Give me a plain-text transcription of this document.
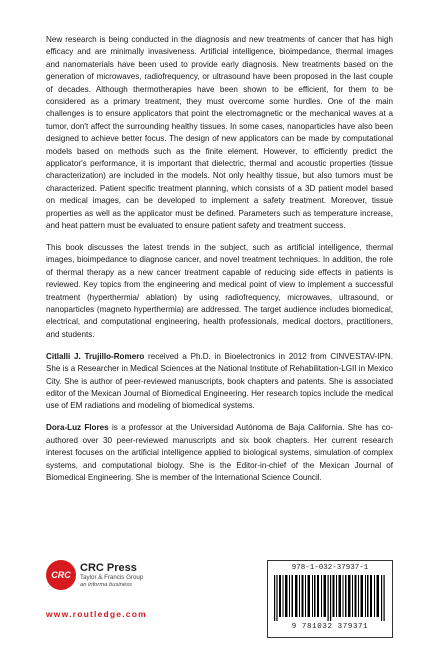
New research is being conducted in the diagnosis and new treatments of cancer that has high efficacy and are minimally invasiveness. Artificial intelligence, bioimpedance, thermal images and nanomaterials have been used to provide early diagnosis. New treatments based on the generation of microwaves, radiofrequency, or ultrasound have been proposed in the last couple of decades. Although thermotherapies have been shown to be efficient, for them to be considered as a primary treatment, they must overcome some hurdles. One of the main challenges is to ensure applicators that point the electromagnetic or the mechanical waves at a tumor, don't affect the surrounding healthy tissues. In some cases, nanoparticles have also been designed to achieve better focus. The design of new applicators can be made by computational models based on methods such as the finite element. However, to efficiently predict the applicator's performance, it is important that dielectric, thermal and acoustic properties (tissue characterization) are included in the models. Not only healthy tissue, but also tumors must be characterized. Patient specific treatment planning, which consists of a 3D patient model based on medical images, can be developed to implement a safety treatment. Moreover, tissue properties as well as the applicator must be defined. Parameters such as temperature increase, and heat pattern must be evaluated to ensure patient safety and treatment success.

This book discusses the latest trends in the subject, such as artificial intelligence, thermal images, bioimpedance to diagnose cancer, and novel treatment techniques. In addition, the role of thermal therapy as a new cancer treatment capable of reducing side effects in patients is reviewed. Key topics from the engineering and medical point of view to implement a successful treatment (hyperthermia/ ablation) by using radiofrequency, microwaves, ultrasound, or nanoparticles (magneto hyperthermia) are addressed. The target audience includes biomedical, electrical, and computational engineering, health professionals, medical doctors, practitioners, and students.

Citlalli J. Trujillo-Romero received a Ph.D. in Bioelectronics in 2012 from CINVESTAV-IPN. She is a Researcher in Medical Sciences at the National Institute of Rehabilitation-LGII in Mexico City. She is author of peer-reviewed manuscripts, book chapters and patents. She is associated editor of the Mexican Journal of Biomedical Engineering. Her research topics include the medical use of EM radiations and modeling of biomedical systems.

Dora-Luz Flores is a professor at the Universidad Autónoma de Baja California. She has co-authored over 30 peer-reviewed manuscripts and six book chapters. Her current research interest focuses on the artificial intelligence applied to biological systems, simulation of complex systems, and computational biology. She is the Editor-in-chief of the Mexican Journal of Biomedical Engineering. She is member of the International Science Council.

CRC
CRC Press
Taylor & Francis Group
an informa business
www.routledge.com
978-1-032-37937-1
9 781032 379371
